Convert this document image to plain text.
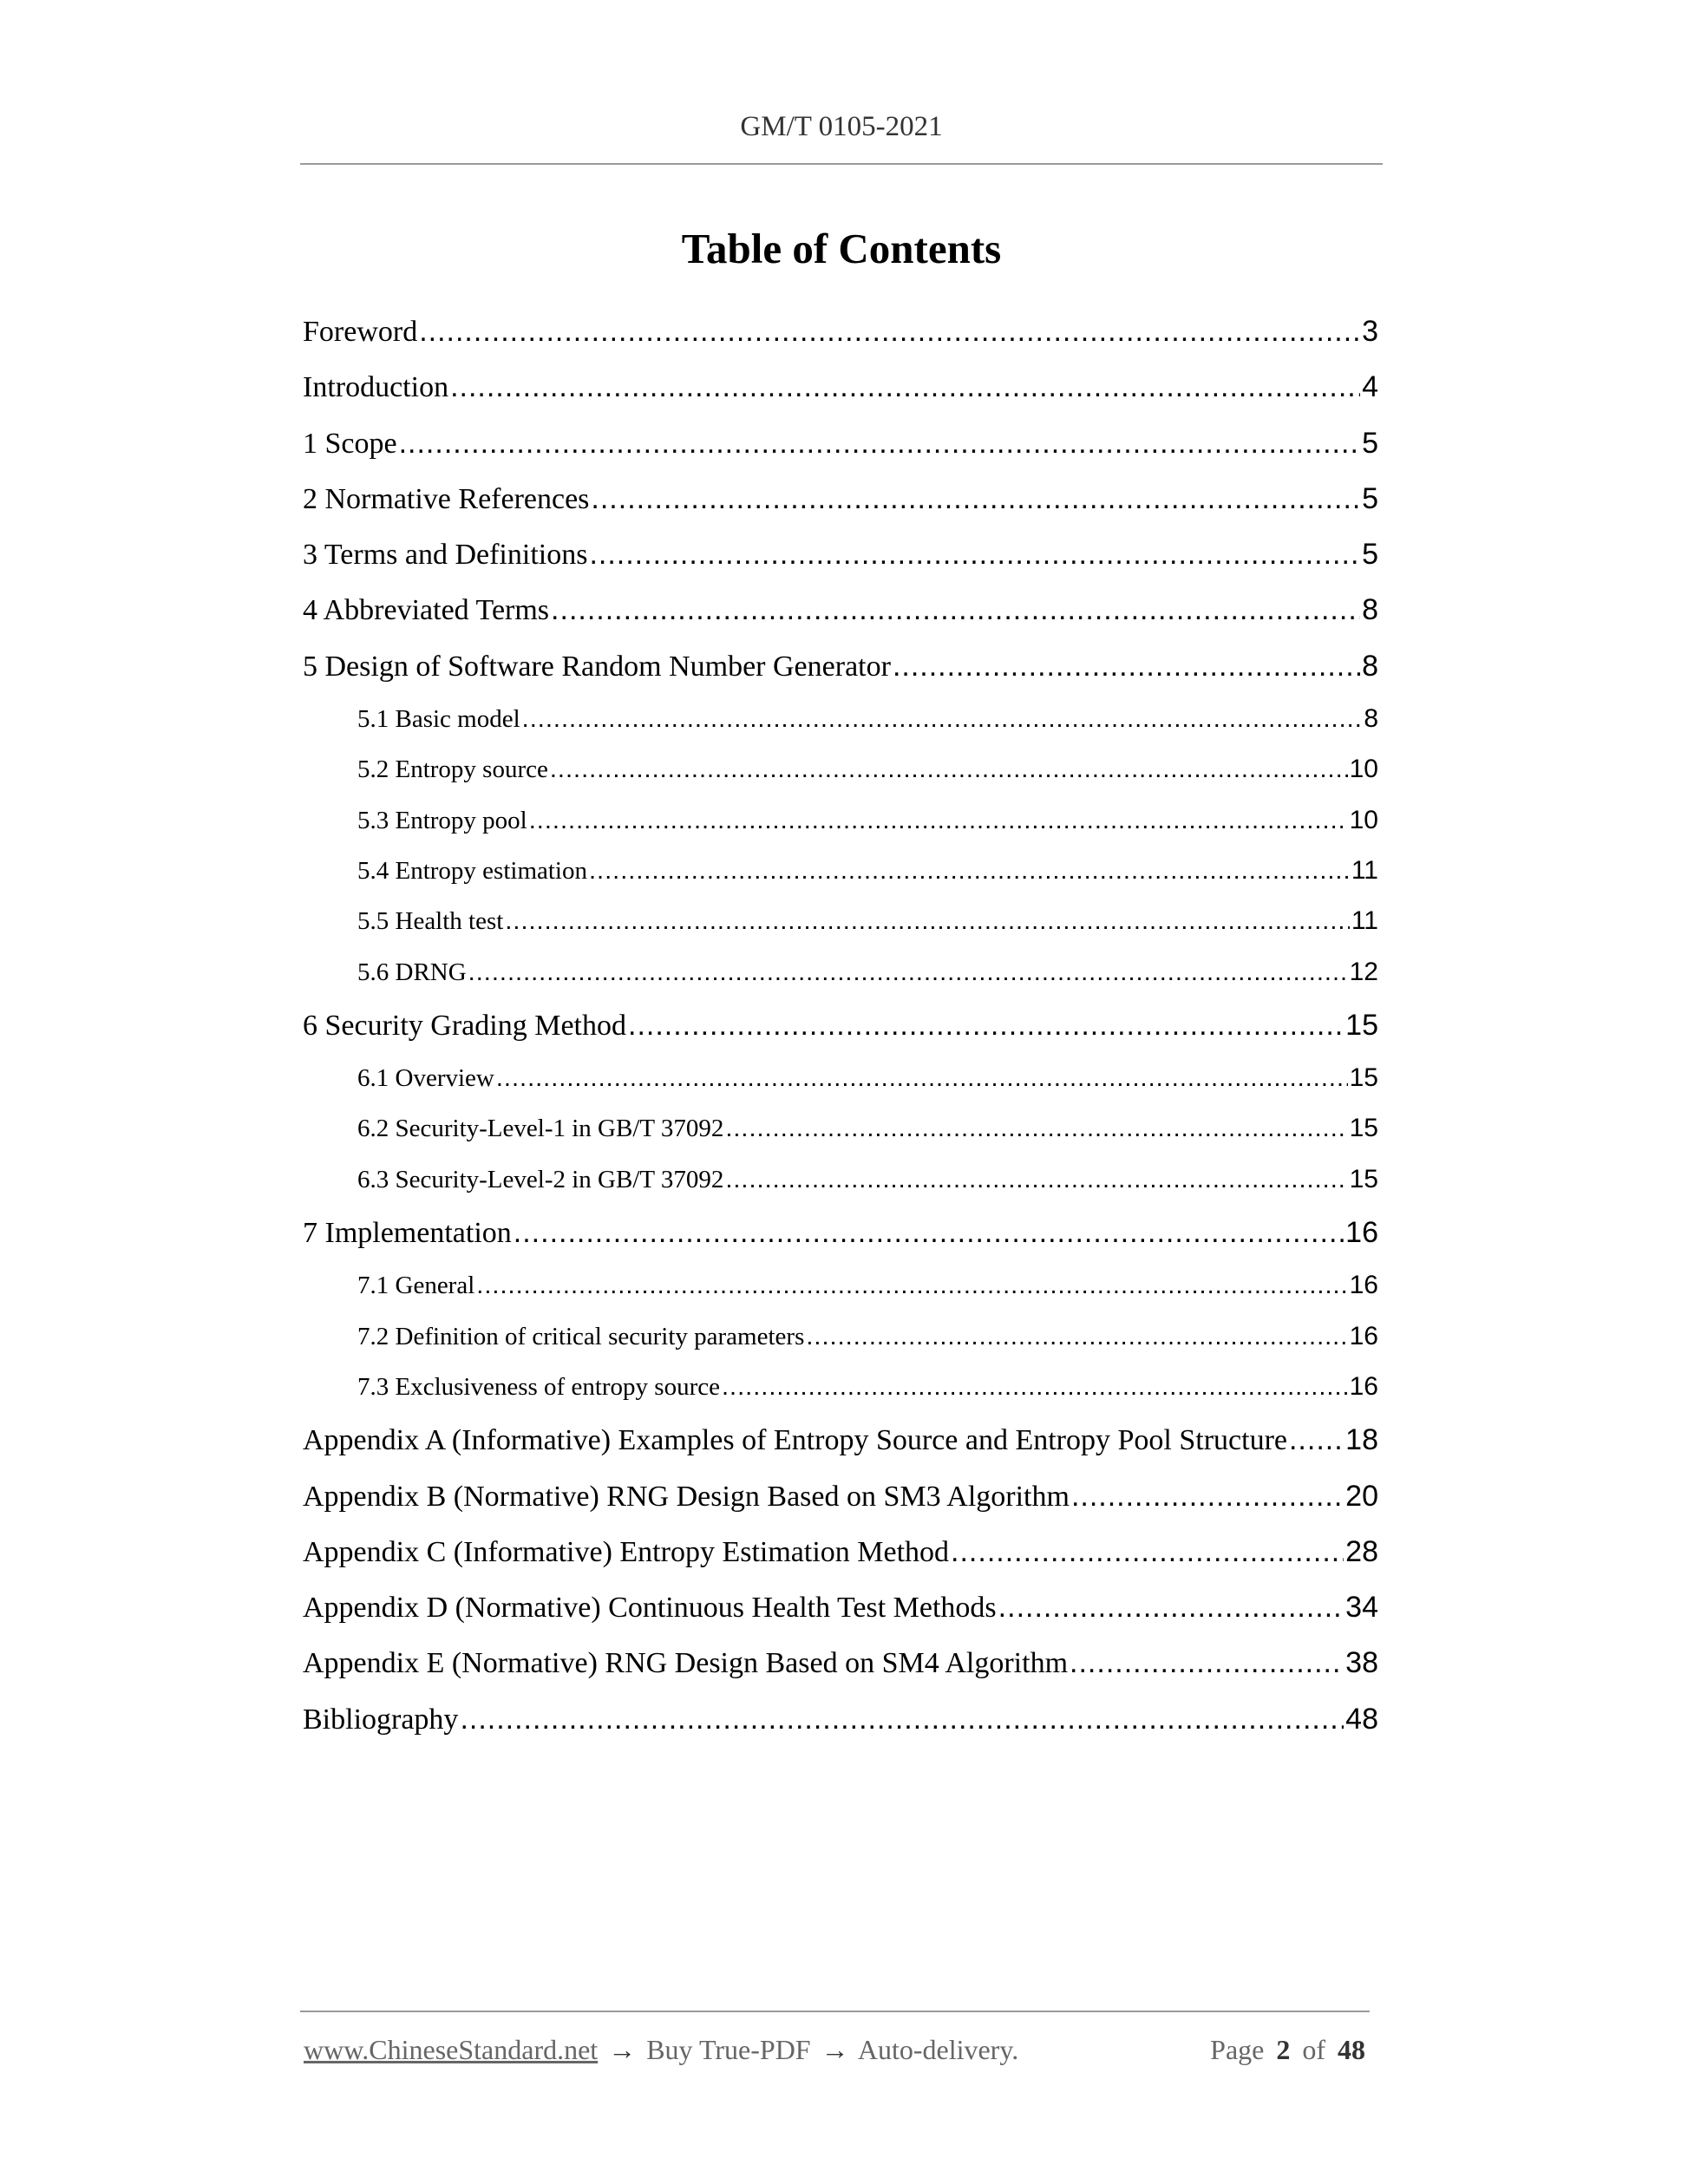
GM/T 0105-2021
Table of Contents
Foreword .....	3
Introduction .....	4
1 Scope .....	5
2 Normative References .....	5
3 Terms and Definitions .....	5
4 Abbreviated Terms .....	8
5 Design of Software Random Number Generator .....	8
5.1 Basic model .....	8
5.2 Entropy source .....	10
5.3 Entropy pool .....	10
5.4 Entropy estimation .....	11
5.5 Health test .....	11
5.6 DRNG .....	12
6 Security Grading Method .....	15
6.1 Overview .....	15
6.2 Security-Level-1 in GB/T 37092 .....	15
6.3 Security-Level-2 in GB/T 37092 .....	15
7 Implementation .....	16
7.1 General .....	16
7.2 Definition of critical security parameters .....	16
7.3 Exclusiveness of entropy source .....	16
Appendix A (Informative) Examples of Entropy Source and Entropy Pool Structure ..... 18
Appendix B (Normative) RNG Design Based on SM3 Algorithm .....	20
Appendix C (Informative) Entropy Estimation Method .....	28
Appendix D (Normative) Continuous Health Test Methods .....	34
Appendix E (Normative) RNG Design Based on SM4 Algorithm .....	38
Bibliography .....	48
www.ChineseStandard.net → Buy True-PDF → Auto-delivery.	Page 2 of 48
